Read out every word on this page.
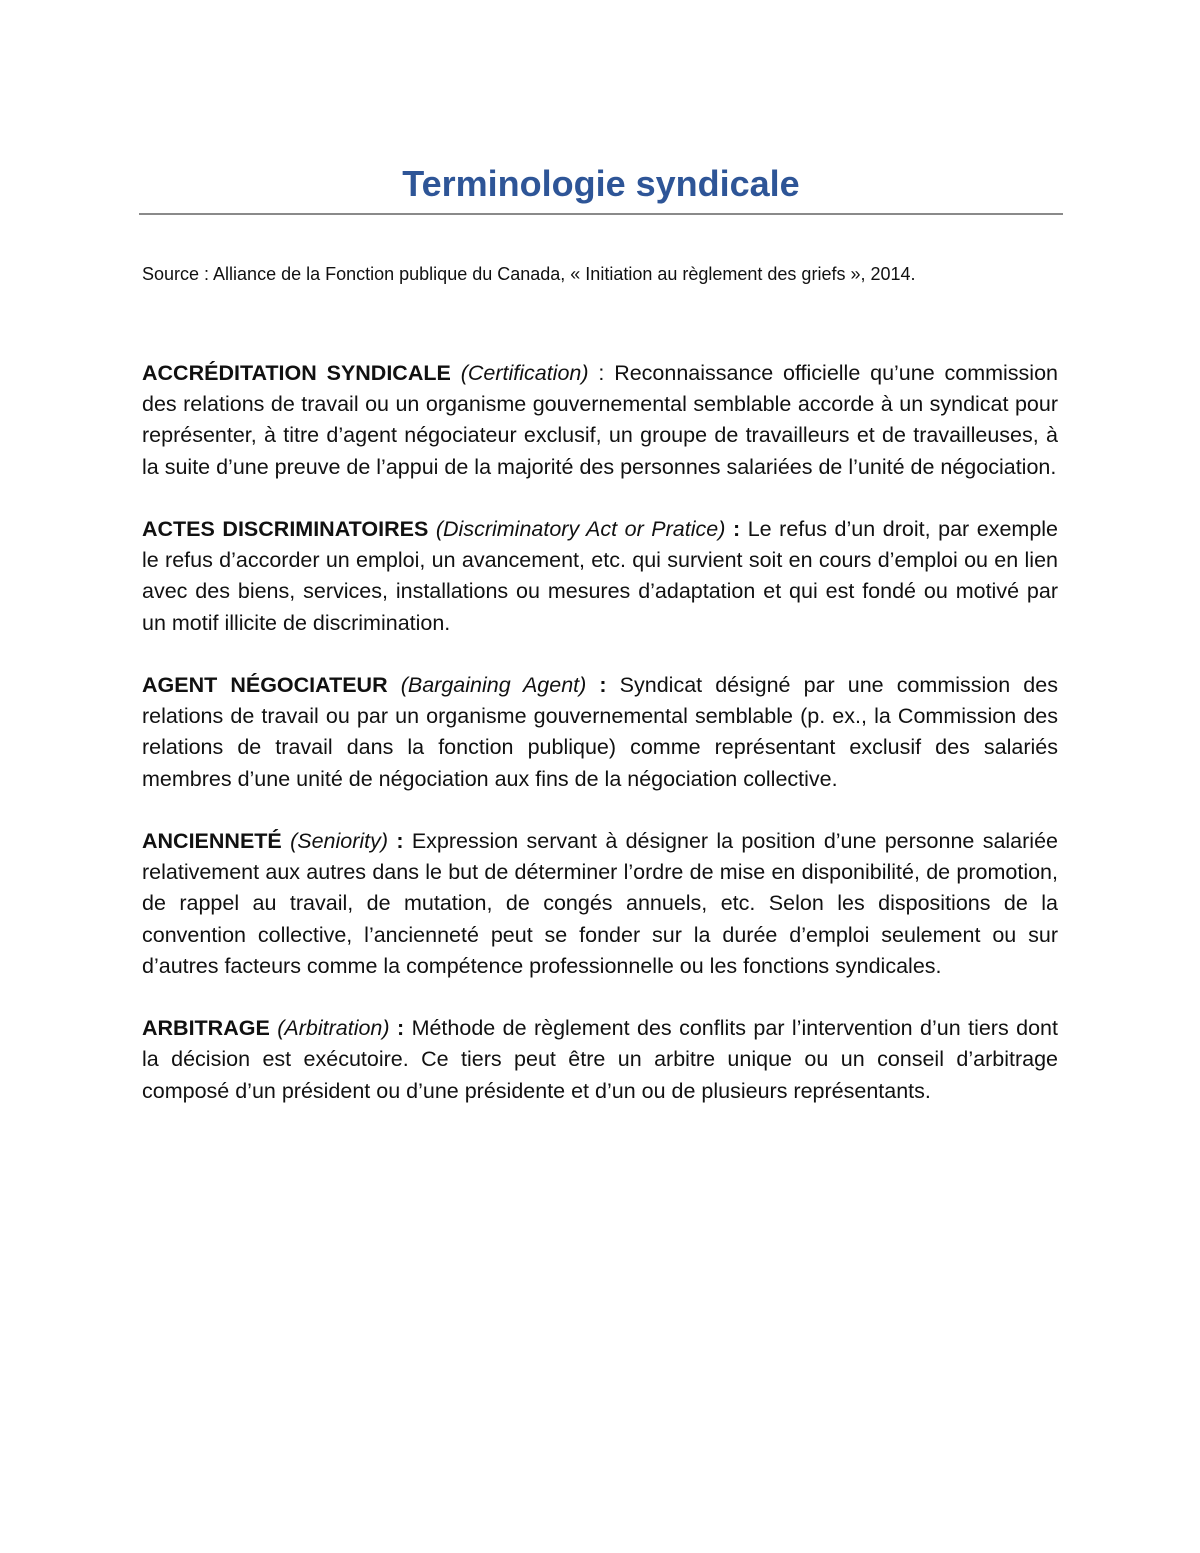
Terminologie syndicale

Source : Alliance de la Fonction publique du Canada, « Initiation au règlement des griefs », 2014.

ACCRÉDITATION SYNDICALE (Certification) : Reconnaissance officielle qu’une commission des relations de travail ou un organisme gouvernemental semblable accorde à un syndicat pour représenter, à titre d’agent négociateur exclusif, un groupe de travailleurs et de travailleuses, à la suite d’une preuve de l’appui de la majorité des personnes salariées de l’unité de négociation.

ACTES DISCRIMINATOIRES (Discriminatory Act or Pratice) : Le refus d’un droit, par exemple le refus d’accorder un emploi, un avancement, etc. qui survient soit en cours d’emploi ou en lien avec des biens, services, installations ou mesures d’adaptation et qui est fondé ou motivé par un motif illicite de discrimination.

AGENT NÉGOCIATEUR (Bargaining Agent) : Syndicat désigné par une commission des relations de travail ou par un organisme gouvernemental semblable (p. ex., la Commission des relations de travail dans la fonction publique) comme représentant exclusif des salariés membres d’une unité de négociation aux fins de la négociation collective.

ANCIENNETÉ (Seniority) : Expression servant à désigner la position d’une personne salariée relativement aux autres dans le but de déterminer l’ordre de mise en disponibilité, de promotion, de rappel au travail, de mutation, de congés annuels, etc. Selon les dispositions de la convention collective, l’ancienneté peut se fonder sur la durée d’emploi seulement ou sur d’autres facteurs comme la compétence professionnelle ou les fonctions syndicales.

ARBITRAGE (Arbitration) : Méthode de règlement des conflits par l’intervention d’un tiers dont la décision est exécutoire. Ce tiers peut être un arbitre unique ou un conseil d’arbitrage composé d’un président ou d’une présidente et d’un ou de plusieurs représentants.
